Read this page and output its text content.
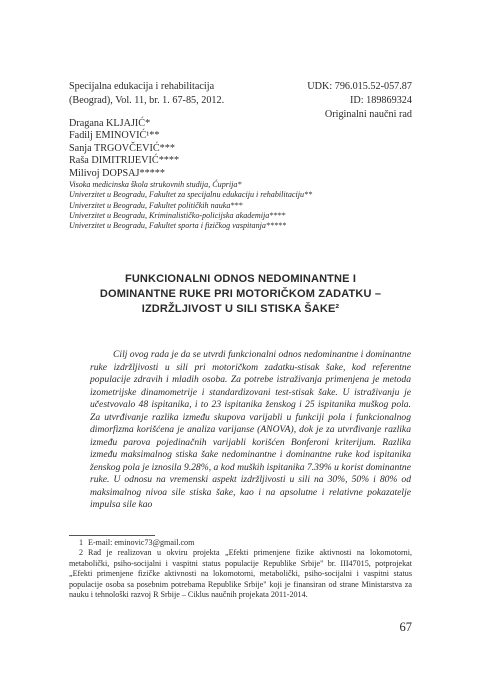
Specijalna edukacija i rehabilitacija
(Beograd), Vol. 11, br. 1. 67-85, 2012.
UDK: 796.015.52-057.87
ID: 189869324
Originalni naučni rad
Dragana KLJAJIĆ*
Fadilj EMINOVIĆ¹**
Sanja TRGOVČEVIĆ***
Raša DIMITRIJEVIĆ****
Milivoj DOPSAJ*****
Visoka medicinska škola strukovnih studija, Ćuprija*
Univerzitet u Beogradu, Fakultet za specijalnu edukaciju i rehabilitaciju**
Univerzitet u Beogradu, Fakultet političkih nauka***
Univerzitet u Beogradu, Kriminalističko-policijska akademija****
Univerzitet u Beogradu, Fakultet sporta i fizičkog vaspitanja*****
FUNKCIONALNI ODNOS NEDOMINANTNE I
DOMINANTNE RUKE PRI MOTORIČKOM ZADATKU –
IZDRŽLJIVOST U SILI STISKA ŠAKE²
Cilj ovog rada je da se utvrdi funkcionalni odnos nedominantne i dominantne ruke izdržljivosti u sili pri motoričkom zadatku-stisak šake, kod referentne populacije zdravih i mladih osoba. Za potrebe istraživanja primenjena je metoda izometrijske dinamometrije i standardizovani test-stisak šake. U istraživanju je učestvovalo 48 ispitanika, i to 23 ispitanika ženskog i 25 ispitanika muškog pola. Za utvrđivanje razlika između skupova varijabli u funkciji pola i funkcionalnog dimorfizma korišćena je analiza varijanse (ANOVA), dok je za utvrđivanje razlika između parova pojedinačnih varijabli korišćen Bonferoni kriterijum. Razlika između maksimalnog stiska šake nedominantne i dominantne ruke kod ispitanika ženskog pola je iznosila 9.28%, a kod muških ispitanika 7.39% u korist dominantne ruke. U odnosu na vremenski aspekt izdržljivosti u sili na 30%, 50% i 80% od maksimalnog nivoa sile stiska šake, kao i na apsolutne i relativne pokazatelje impulsa sile kao

1 E-mail: eminovic73@gmail.com

2 Rad je realizovan u okviru projekta „Efekti primenjene fizike aktivnosti na lokomotorni, metabolički, psiho-socijalni i vaspitni status populacije Republike Srbije" br. III47015, potprojekat „Efekti primenjene fizičke aktivnosti na lokomotorni, metabolički, psiho-socijalni i vaspitni status populacije osoba sa posebnim potrebama Republike Srbije" koji je finansiran od strane Ministarstva za nauku i tehnološki razvoj R Srbije – Ciklus naučnih projekata 2011-2014.

67
